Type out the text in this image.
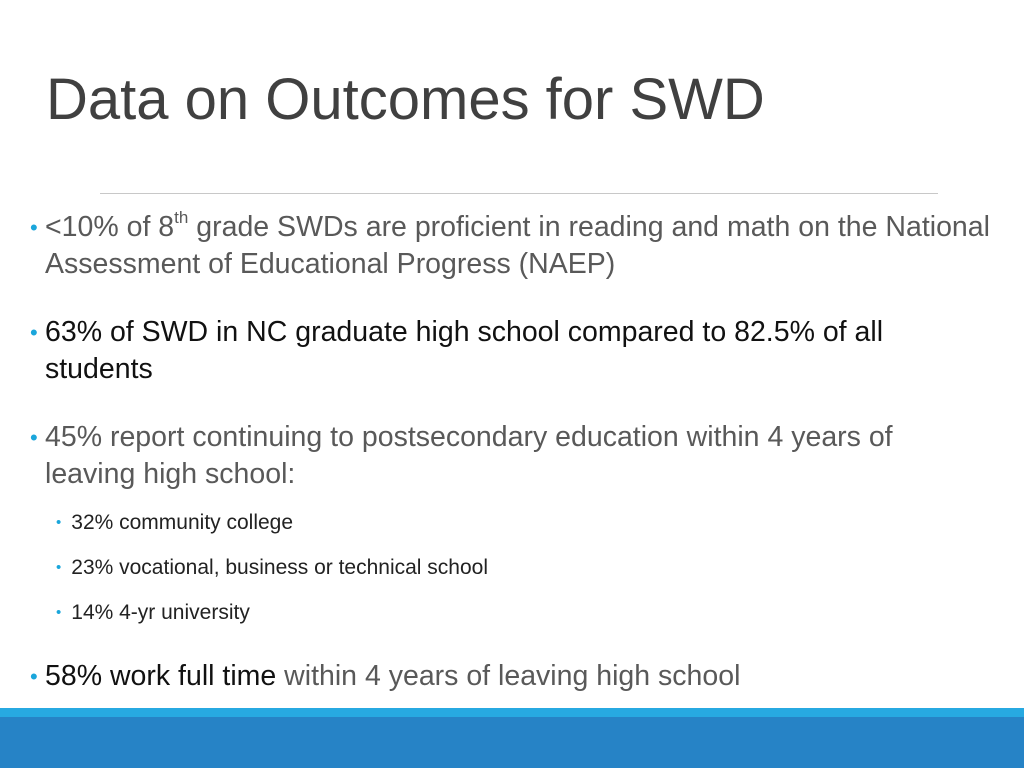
Data on Outcomes for SWD
• <10% of 8th grade SWDs are proficient in reading and math on the National Assessment of Educational Progress (NAEP)
• 63% of SWD in NC graduate high school compared to 82.5% of all students
• 45% report continuing to postsecondary education within 4 years of leaving high school:
• 32% community college
• 23% vocational, business or technical school
• 14% 4-yr university
• 58% work full time within 4 years of leaving high school
